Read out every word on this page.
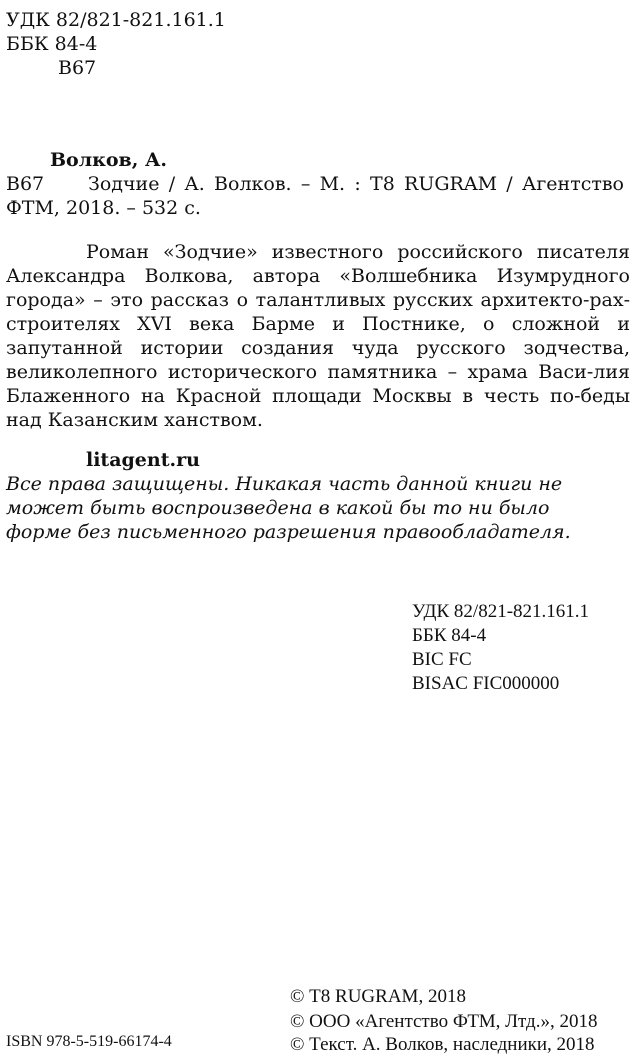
УДК 82/821-821.161.1
ББК 84-4
В67
Волков, А.
В67 Зодчие / А. Волков. – М. : Т8 RUGRAM / Агентство
ФТМ, 2018. – 532 с.
Роман «Зодчие» известного российского писателя
Александра Волкова, автора «Волшебника Изумрудного
города» – это рассказ о талантливых русских архитекто-рах-
строителях XVI века Барме и Постнике, о сложной и
запутанной истории создания чуда русского зодчества,
великолепного исторического памятника – храма Васи-лия
Блаженного на Красной площади Москвы в честь по-беды
над Казанским ханством.
litagent.ru
Все права защищены. Никакая часть данной книги не
может быть воспроизведена в какой бы то ни было
форме без письменного разрешения правообладателя.
УДК 82/821-821.161.1
ББК 84-4
BIC FC
BISAC FIC000000
© Т8 RUGRAM, 2018
© ООО «Агентство ФТМ, Лтд.», 2018
© Текст. А. Волков, наследники, 2018
ISBN 978-5-519-66174-4
